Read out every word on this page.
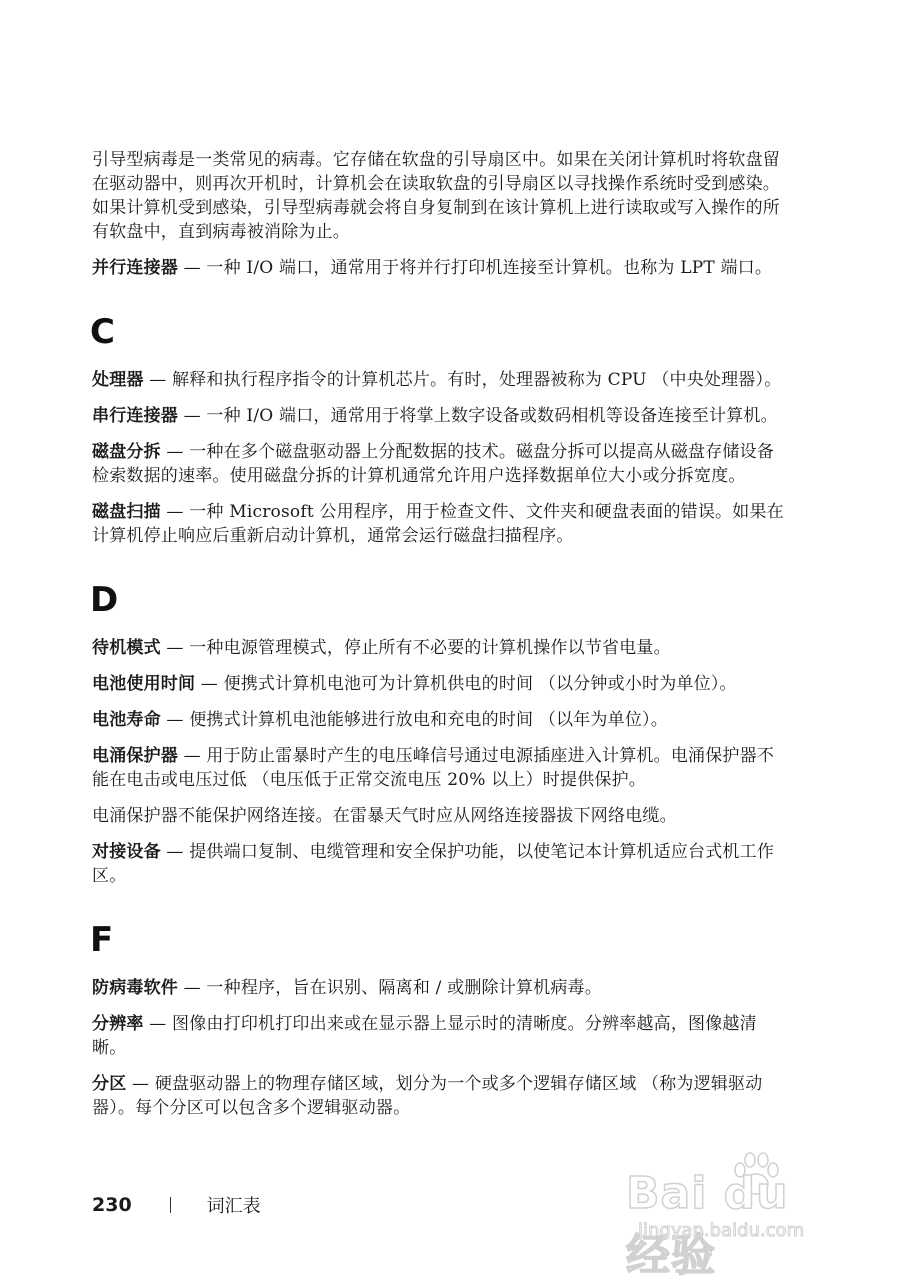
引导型病毒是一类常见的病毒。它存储在软盘的引导扇区中。如果在关闭计算机时将软盘留在驱动器中，则再次开机时，计算机会在读取软盘的引导扇区以寻找操作系统时受到感染。如果计算机受到感染，引导型病毒就会将自身复制到在该计算机上进行读取或写入操作的所有软盘中，直到病毒被消除为止。

并行连接器 — 一种 I/O 端口，通常用于将并行打印机连接至计算机。也称为 LPT 端口。

C

处理器 — 解释和执行程序指令的计算机芯片。有时，处理器被称为 CPU （中央处理器）。

串行连接器 — 一种 I/O 端口，通常用于将掌上数字设备或数码相机等设备连接至计算机。

磁盘分拆 — 一种在多个磁盘驱动器上分配数据的技术。磁盘分拆可以提高从磁盘存储设备检索数据的速率。使用磁盘分拆的计算机通常允许用户选择数据单位大小或分拆宽度。

磁盘扫描 — 一种 Microsoft 公用程序，用于检查文件、文件夹和硬盘表面的错误。如果在计算机停止响应后重新启动计算机，通常会运行磁盘扫描程序。

D

待机模式 — 一种电源管理模式，停止所有不必要的计算机操作以节省电量。

电池使用时间 — 便携式计算机电池可为计算机供电的时间 （以分钟或小时为单位）。

电池寿命 — 便携式计算机电池能够进行放电和充电的时间 （以年为单位）。

电涌保护器 — 用于防止雷暴时产生的电压峰信号通过电源插座进入计算机。电涌保护器不能在电击或电压过低 （电压低于正常交流电压 20% 以上）时提供保护。

电涌保护器不能保护网络连接。在雷暴天气时应从网络连接器拔下网络电缆。

对接设备 — 提供端口复制、电缆管理和安全保护功能，以使笔记本计算机适应台式机工作区。

F

防病毒软件 — 一种程序，旨在识别、隔离和 / 或删除计算机病毒。

分辨率 — 图像由打印机打印出来或在显示器上显示时的清晰度。分辨率越高，图像越清晰。

分区 — 硬盘驱动器上的物理存储区域，划分为一个或多个逻辑存储区域 （称为逻辑驱动器）。每个分区可以包含多个逻辑驱动器。

230	词汇表	Bai du 经验
jingyan.baidu.com
